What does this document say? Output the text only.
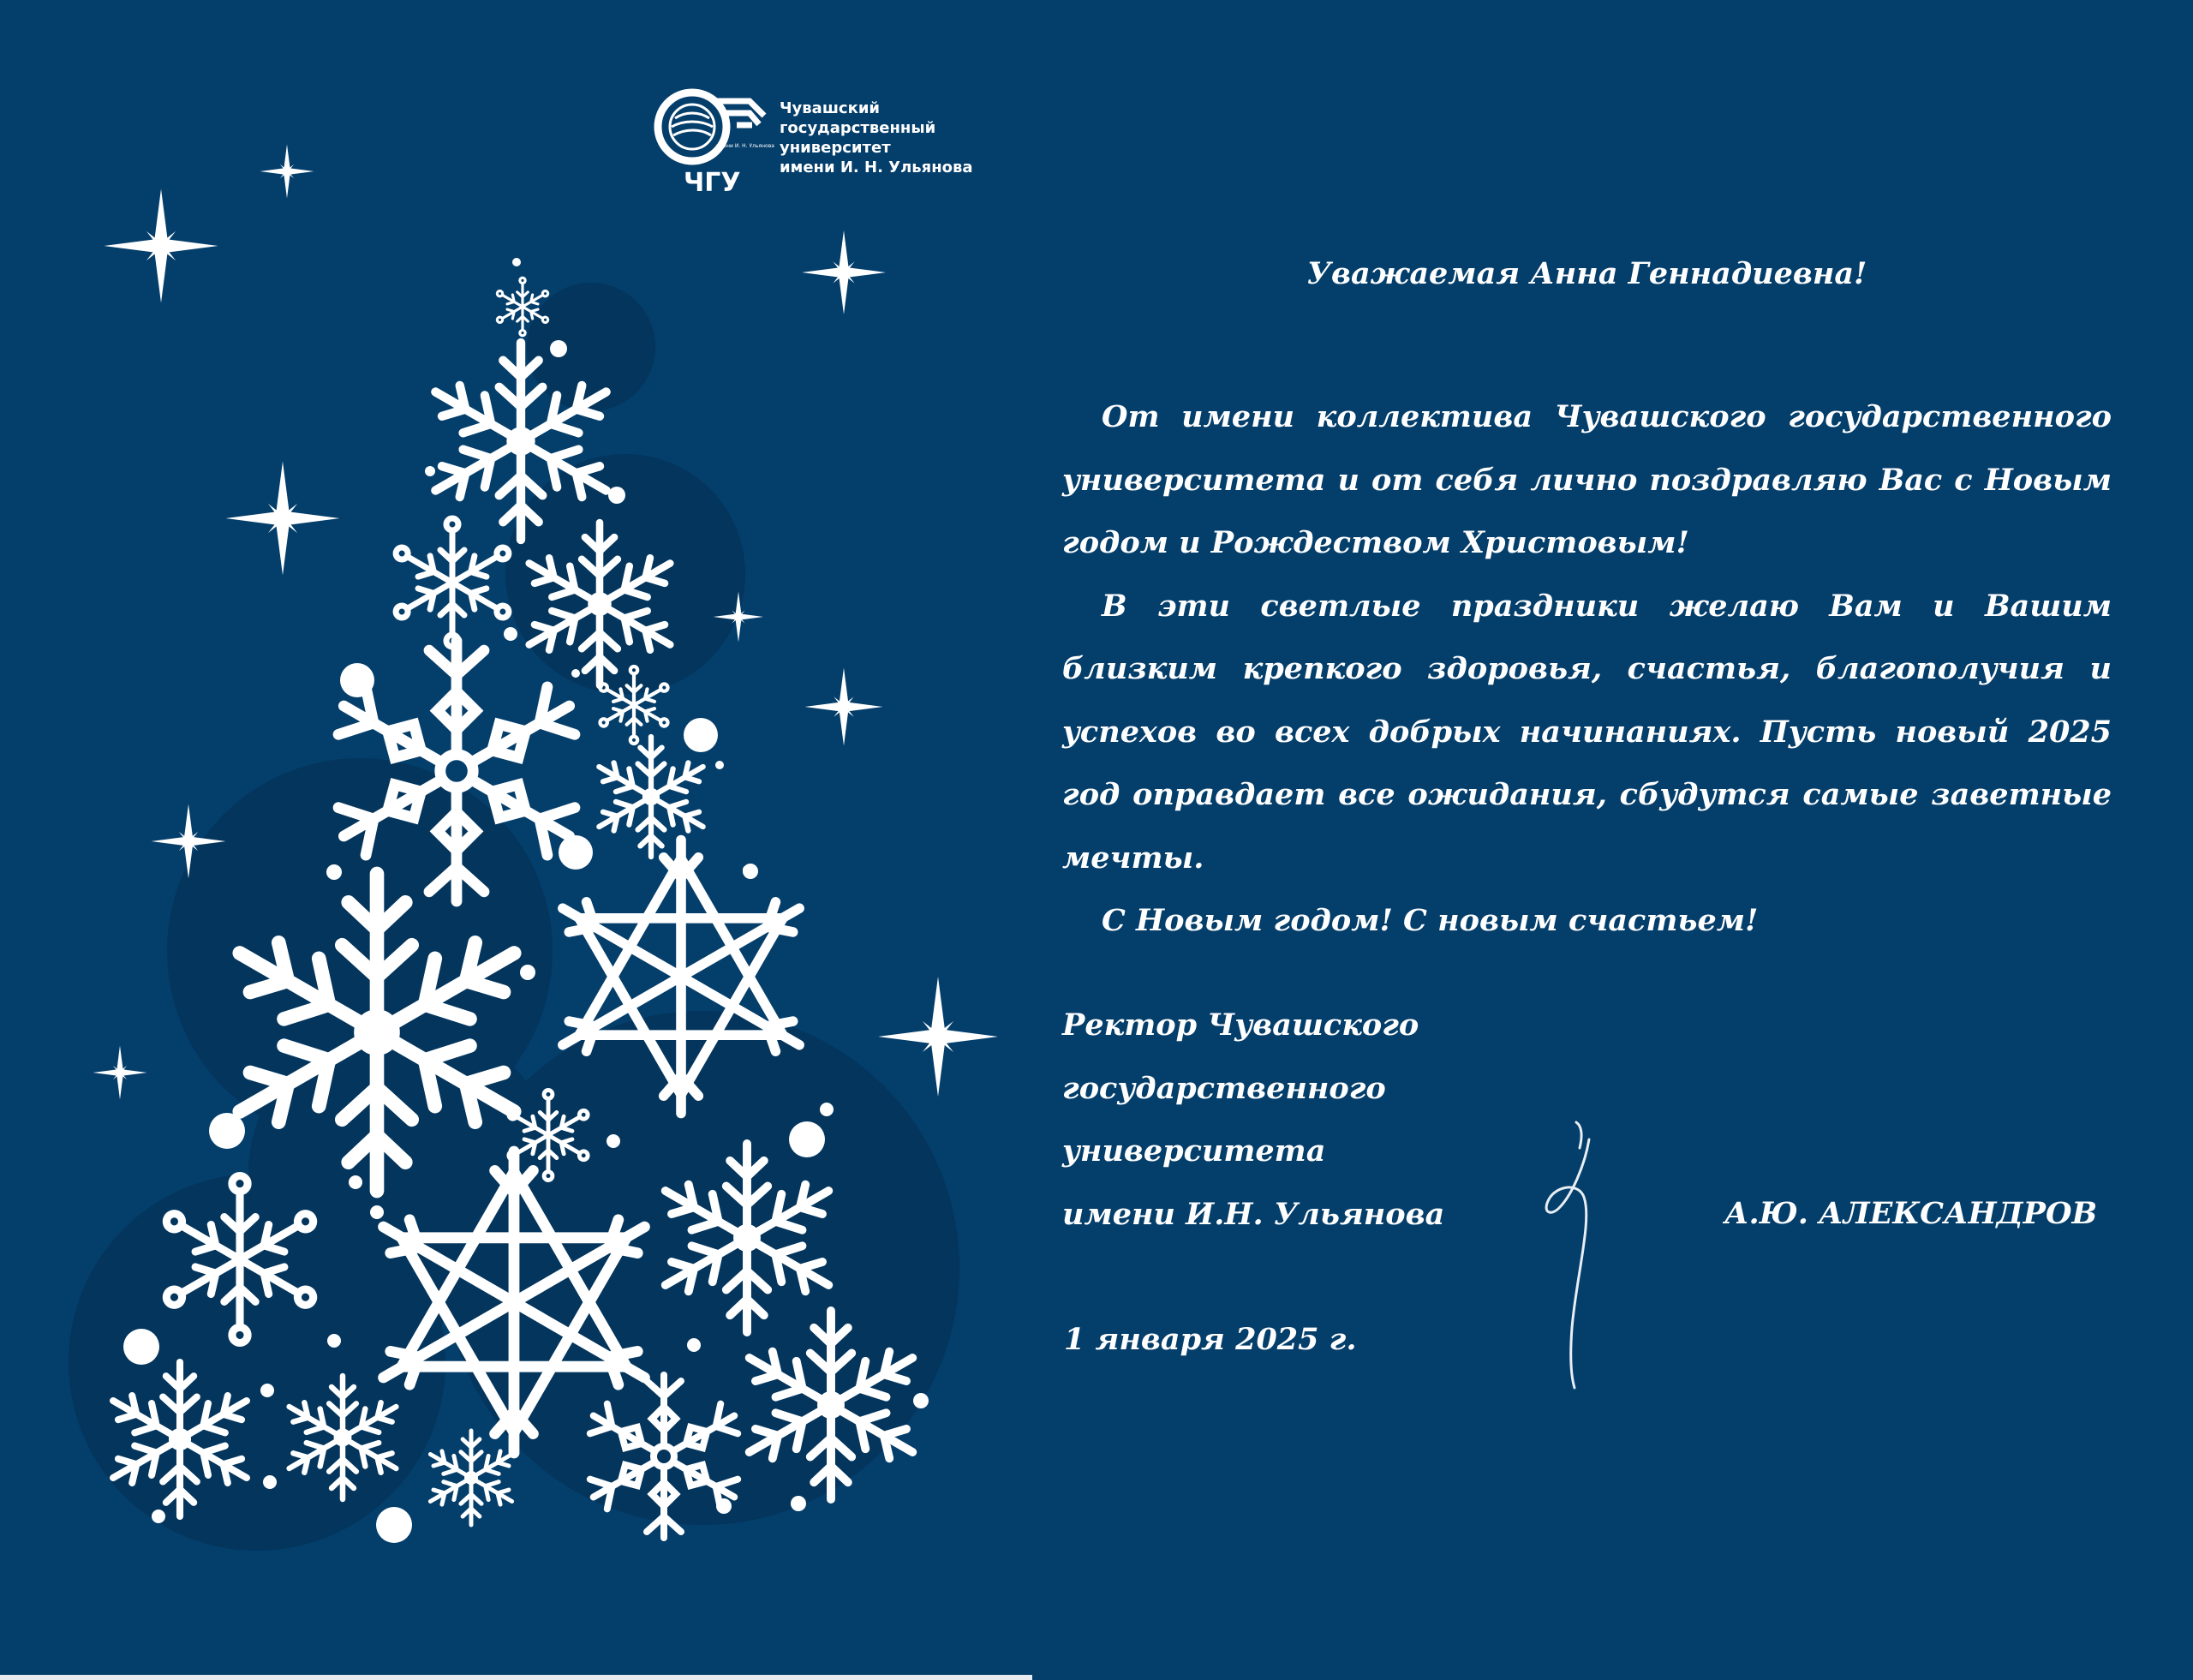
ЧГУ
имени И. Н. Ульянова
Чувашский
государственный
университет
имени И. Н. Ульянова

Уважаемая Анна Геннадиевна!

От имени коллектива Чувашского государственного университета и от себя лично поздравляю Вас с Новым годом и Рождеством Христовым!

В эти светлые праздники желаю Вам и Вашим близким крепкого здоровья, счастья, благополучия и успехов во всех добрых начинаниях. Пусть новый 2025 год оправдает все ожидания, сбудутся самые заветные мечты.

С Новым годом! С новым счастьем!

Ректор Чувашского
государственного
университета
имени И.Н. Ульянова	А.Ю. АЛЕКСАНДРОВ
1 января 2025 г.
